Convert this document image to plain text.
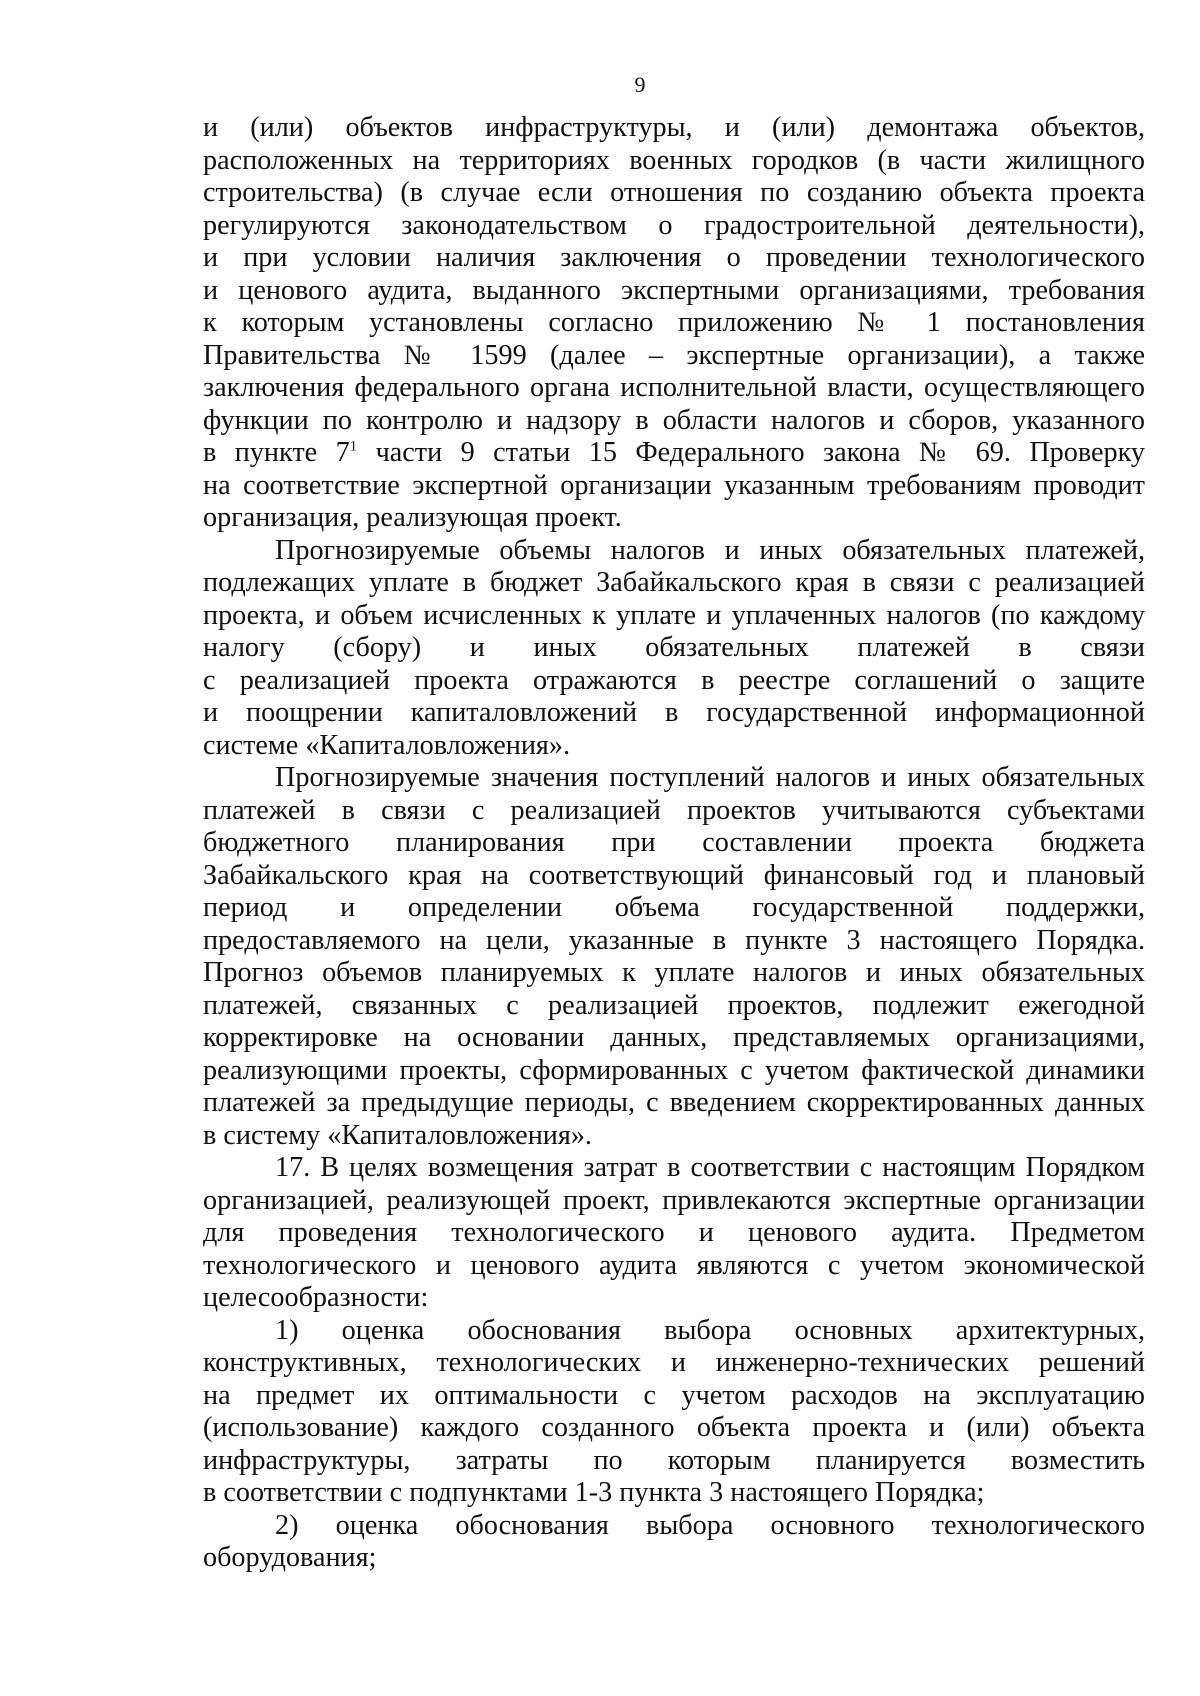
9
и (или) объектов инфраструктуры, и (или) демонтажа объектов,
расположенных на территориях военных городков (в части жилищного
строительства) (в случае если отношения по созданию объекта проекта
регулируются законодательством о градостроительной деятельности),
и при условии наличия заключения о проведении технологического
и ценового аудита, выданного экспертными организациями, требования
к которым установлены согласно приложению № 1 постановления
Правительства № 1599 (далее – экспертные организации), а также
заключения федерального органа исполнительной власти, осуществляющего
функции по контролю и надзору в области налогов и сборов, указанного
в пункте $7^1$ части 9 статьи 15 Федерального закона № 69. Проверку
на соответствие экспертной организации указанным требованиям проводит
организация, реализующая проект.
Прогнозируемые объемы налогов и иных обязательных платежей,
подлежащих уплате в бюджет Забайкальского края в связи с реализацией
проекта, и объем исчисленных к уплате и уплаченных налогов (по каждому
налогу (сбору) и иных обязательных платежей в связи
с реализацией проекта отражаются в реестре соглашений о защите
и поощрении капиталовложений в государственной информационной
системе «Капиталовложения».
Прогнозируемые значения поступлений налогов и иных обязательных
платежей в связи с реализацией проектов учитываются субъектами
бюджетного планирования при составлении проекта бюджета
Забайкальского края на соответствующий финансовый год и плановый
период и определении объема государственной поддержки,
предоставляемого на цели, указанные в пункте 3 настоящего Порядка.
Прогноз объемов планируемых к уплате налогов и иных обязательных
платежей, связанных с реализацией проектов, подлежит ежегодной
корректировке на основании данных, представляемых организациями,
реализующими проекты, сформированных с учетом фактической динамики
платежей за предыдущие периоды, с введением скорректированных данных
в систему «Капиталовложения».
17. В целях возмещения затрат в соответствии с настоящим Порядком
организацией, реализующей проект, привлекаются экспертные организации
для проведения технологического и ценового аудита. Предметом
технологического и ценового аудита являются с учетом экономической
целесообразности:
1) оценка обоснования выбора основных архитектурных,
конструктивных, технологических и инженерно-технических решений
на предмет их оптимальности с учетом расходов на эксплуатацию
(использование) каждого созданного объекта проекта и (или) объекта
инфраструктуры, затраты по которым планируется возместить
в соответствии с подпунктами 1-3 пункта 3 настоящего Порядка;
2) оценка обоснования выбора основного технологического
оборудования;
